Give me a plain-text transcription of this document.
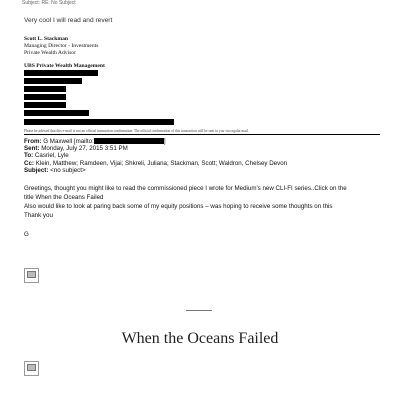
Subject: RE: No Subject
Very cool I will read and revert
Scott L. Stackman
Managing Director - Investments
Private Wealth Advisor
UBS Private Wealth Management
Please be advised that this e-mail is not an official transaction confirmation. The official confirmation of this transaction will be sent to you via regular mail.
From: G Maxwell [mailto:	]
Sent: Monday, July 27, 2015 3:51 PM
To: Casriel, Lyle
Cc: Klein, Matthew; Ramdeen, Vijai; Shkreli, Juliana; Stackman, Scott; Waldron, Chelsey Devon
Subject: <no subject>
Greetings, thought you might like to read the commissioned piece I wrote for Medium's new CLI-FI series..Click on the
title When the Oceans Failed
Also would like to look at paring back some of my equity positions – was hoping to receive some thoughts on this
Thank you
G
When the Oceans Failed
